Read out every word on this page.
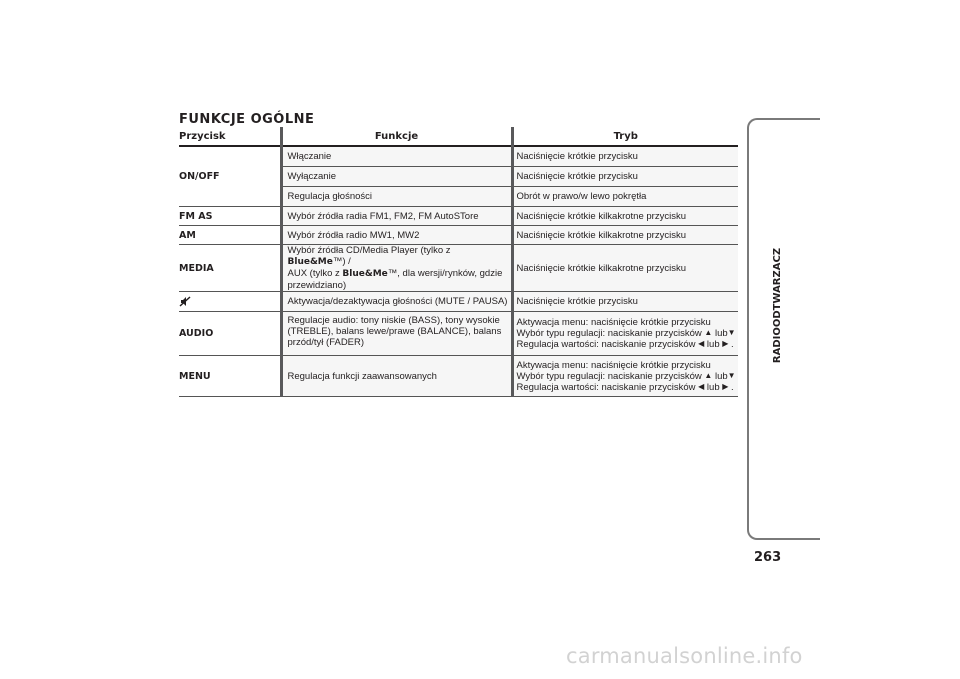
FUNKCJE OGÓLNE
Przycisk	Funkcje	Tryb
ON/OFF	Włączanie	Naciśnięcie krótkie przycisku
	Wyłączanie	Naciśnięcie krótkie przycisku
	Regulacja głośności	Obrót w prawo/w lewo pokrętła
FM AS	Wybór źródła radia FM1, FM2, FM AutoSTore	Naciśnięcie krótkie kilkakrotne przycisku
AM	Wybór źródła radio MW1, MW2	Naciśnięcie krótkie kilkakrotne przycisku
MEDIA	Wybór źródła CD/Media Player (tylko z Blue&Me™) /
AUX (tylko z Blue&Me™, dla wersji/rynków, gdzie
przewidziano)	Naciśnięcie krótkie kilkakrotne przycisku
	Aktywacja/dezaktywacja głośności (MUTE / PAUSA)	Naciśnięcie krótkie przycisku
AUDIO	Regulacje audio: tony niskie (BASS), tony wysokie
(TREBLE), balans lewe/prawe (BALANCE), balans
przód/tył (FADER)	Aktywacja menu: naciśnięcie krótkie przycisku
Wybór typu regulacji: naciskanie przycisków ▲ lub▼
Regulacja wartości: naciskanie przycisków ◀ lub ▶ .
MENU	Regulacja funkcji zaawansowanych	Aktywacja menu: naciśnięcie krótkie przycisku
Wybór typu regulacji: naciskanie przycisków ▲ lub▼
Regulacja wartości: naciskanie przycisków ◀ lub ▶ .
RADIOODTWARZACZ
263
carmanualsonline.info
